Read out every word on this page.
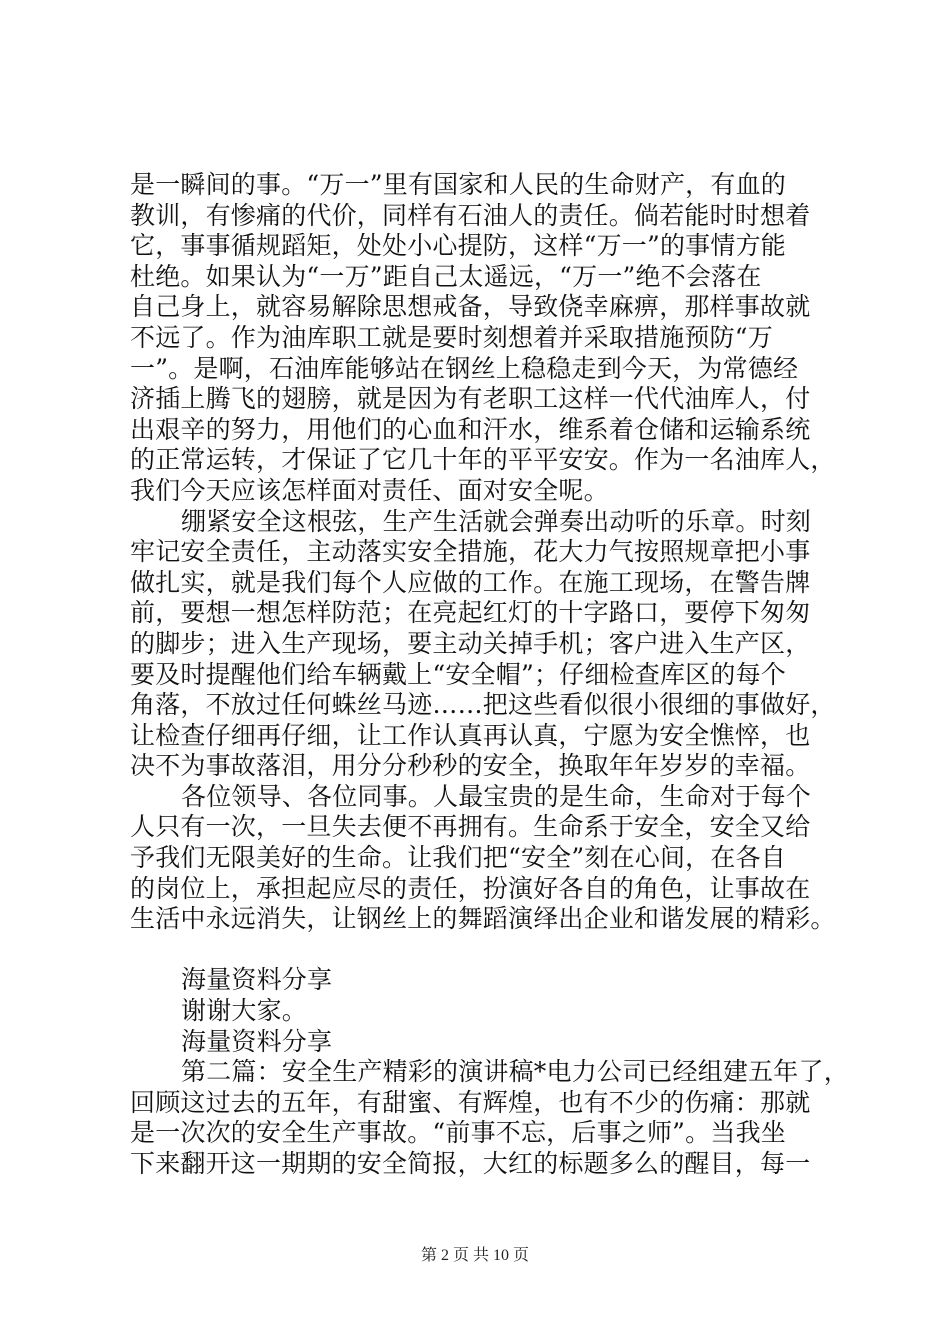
是一瞬间的事。“万一”里有国家和人民的生命财产，有血的
教训，有惨痛的代价，同样有石油人的责任。倘若能时时想着
它，事事循规蹈矩，处处小心提防，这样“万一”的事情方能
杜绝。如果认为“一万”距自己太遥远，“万一”绝不会落在
自己身上，就容易解除思想戒备，导致侥幸麻痹，那样事故就
不远了。作为油库职工就是要时刻想着并采取措施预防“万
一”。是啊，石油库能够站在钢丝上稳稳走到今天，为常德经
济插上腾飞的翅膀，就是因为有老职工这样一代代油库人，付
出艰辛的努力，用他们的心血和汗水，维系着仓储和运输系统
的正常运转，才保证了它几十年的平平安安。作为一名油库人，
我们今天应该怎样面对责任、面对安全呢。
绷紧安全这根弦，生产生活就会弹奏出动听的乐章。时刻
牢记安全责任，主动落实安全措施，花大力气按照规章把小事
做扎实，就是我们每个人应做的工作。在施工现场，在警告牌
前，要想一想怎样防范；在亮起红灯的十字路口，要停下匆匆
的脚步；进入生产现场，要主动关掉手机；客户进入生产区，
要及时提醒他们给车辆戴上“安全帽”；仔细检查库区的每个
角落，不放过任何蛛丝马迹……把这些看似很小很细的事做好，
让检查仔细再仔细，让工作认真再认真，宁愿为安全憔悴，也
决不为事故落泪，用分分秒秒的安全，换取年年岁岁的幸福。
各位领导、各位同事。人最宝贵的是生命，生命对于每个
人只有一次，一旦失去便不再拥有。生命系于安全，安全又给
予我们无限美好的生命。让我们把“安全”刻在心间，在各自
的岗位上，承担起应尽的责任，扮演好各自的角色，让事故在
生活中永远消失，让钢丝上的舞蹈演绎出企业和谐发展的精彩。
海量资料分享
谢谢大家。
海量资料分享
第二篇：安全生产精彩的演讲稿*电力公司已经组建五年了，
回顾这过去的五年，有甜蜜、有辉煌，也有不少的伤痛：那就
是一次次的安全生产事故。“前事不忘，后事之师”。当我坐
下来翻开这一期期的安全简报，大红的标题多么的醒目，每一
第 2 页 共 10 页
